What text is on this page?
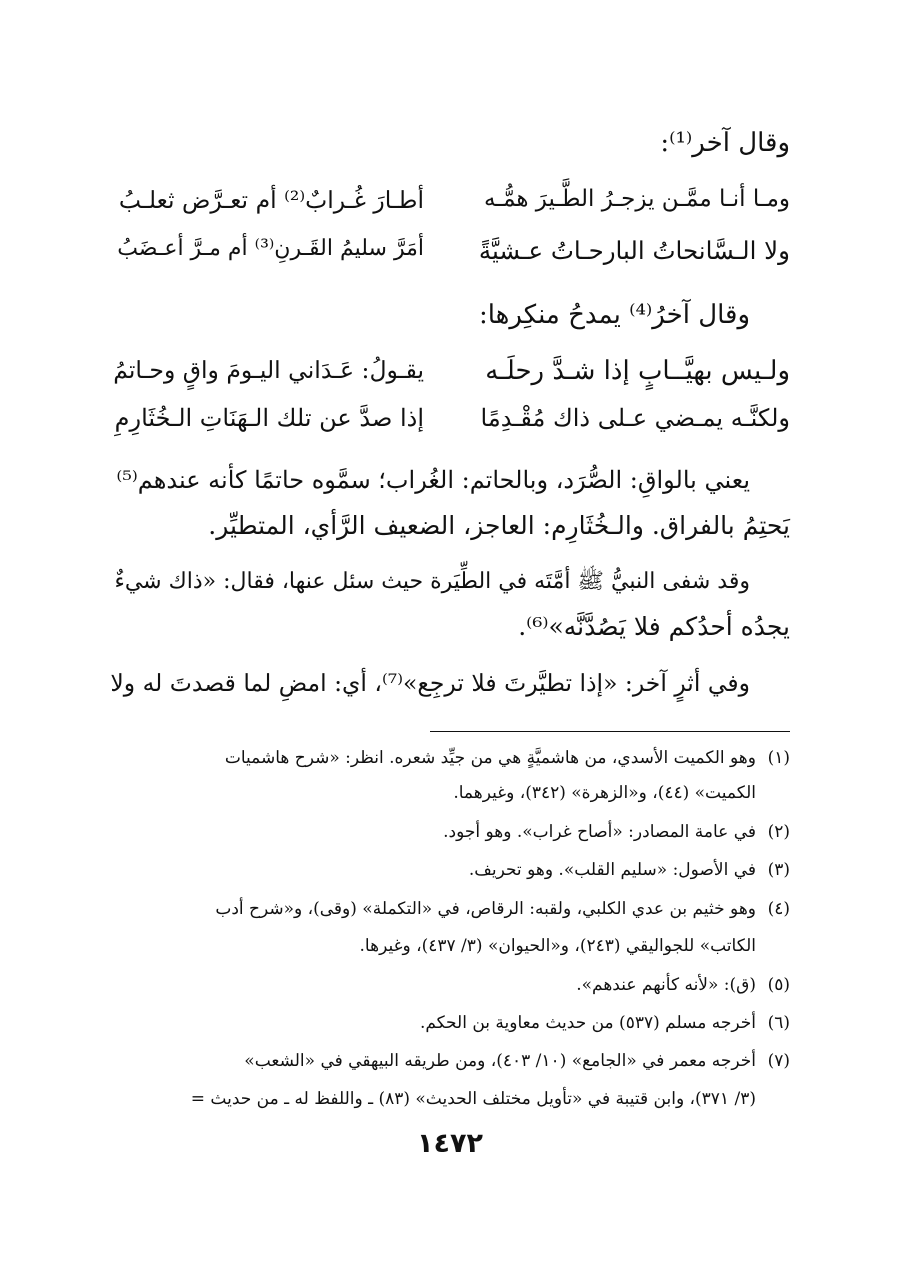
وقال آخر⁽¹⁾:
ومـا أنـا ممَّـن يزجـرُ الطَّـيرَ همُّـه
أطـارَ غُـرابٌ⁽²⁾ أم تعـرَّض ثعلـبُ
ولا الـسَّانحاتُ البارحـاتُ عـشيَّةً
أمَرَّ سليمُ القَـرنِ⁽³⁾ أم مـرَّ أعـضَبُ
وقال آخرُ⁽⁴⁾ يمدحُ منكِرها:
ولـيس بهيَّــابٍ إذا شـدَّ رحلَـه
يقـولُ: عَـدَاني اليـومَ واقٍ وحـاتمُ
ولكنَّـه يمـضي عـلى ذاك مُقْـدِمًا
إذا صدَّ عن تلك الـهَنَاتِ الـخُثَارِمِ
يعني بالواقِ: الصُّرَد، وبالحاتم: الغُراب؛ سمَّوه حاتمًا كأنه عندهم⁽⁵⁾
يَحتِمُ بالفراق. والـخُثَارِم: العاجز، الضعيف الرَّأي، المتطيِّر.
وقد شفى النبيُّ ﷺ أمَّتَه في الطِّيَرة حيث سئل عنها، فقال: «ذاك شيءٌ
يجدُه أحدُكم فلا يَصُدَّنَّه»⁽⁶⁾.
وفي أثرٍ آخر: «إذا تطيَّرتَ فلا ترجِع»⁽⁷⁾، أي: امضِ لما قصدتَ له ولا
(١)وهو الكميت الأسدي، من هاشميَّةٍ هي من جيِّد شعره. انظر: «شرح هاشميات
الكميت» (٤٤)، و«الزهرة» (٣٤٢)، وغيرهما.
(٢)في عامة المصادر: «أصاح غراب». وهو أجود.
(٣)في الأصول: «سليم القلب». وهو تحريف.
(٤)وهو خثيم بن عدي الكلبي، ولقبه: الرقاص، في «التكملة» (وقى)، و«شرح أدب
الكاتب» للجواليقي (٢٤٣)، و«الحيوان» (٣/ ٤٣٧)، وغيرها.
(٥)(ق): «لأنه كأنهم عندهم».
(٦)أخرجه مسلم (٥٣٧) من حديث معاوية بن الحكم.
(٧)أخرجه معمر في «الجامع» (١٠/ ٤٠٣)، ومن طريقه البيهقي في «الشعب»
(٣/ ٣٧١)، وابن قتيبة في «تأويل مختلف الحديث» (٨٣) ـ واللفظ له ـ من حديث =
١٤٧٢
